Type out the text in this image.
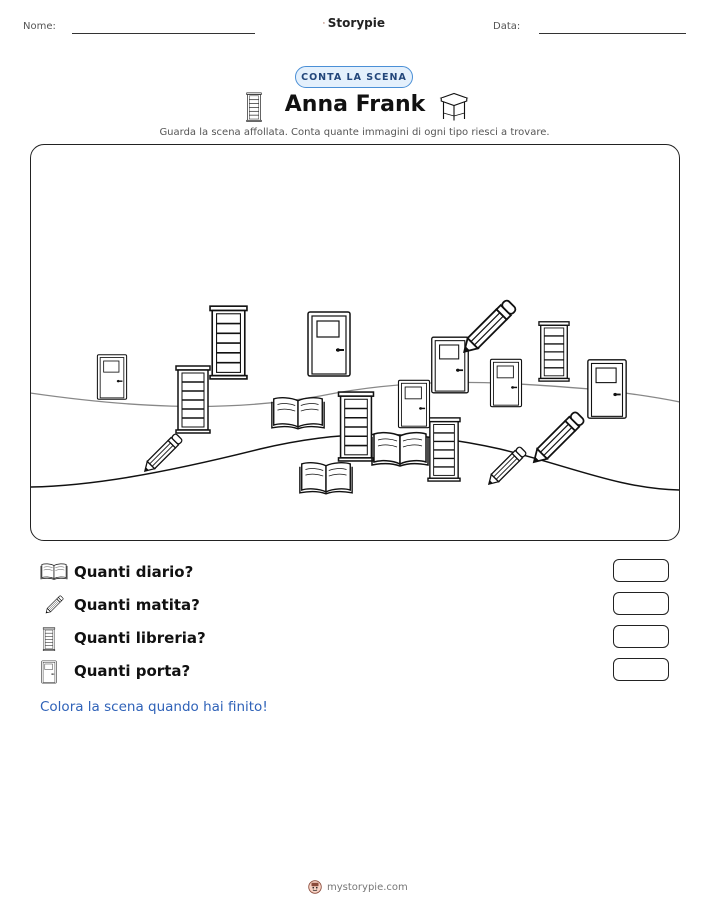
Nome:	Storypie	Data:
CONTA LA SCENA
Anna Frank
Guarda la scena affollata. Conta quante immagini di ogni tipo riesci a trovare.
Quanti diario?
Quanti matita?
Quanti libreria?
Quanti porta?
Colora la scena quando hai finito!
mystorypie.com
